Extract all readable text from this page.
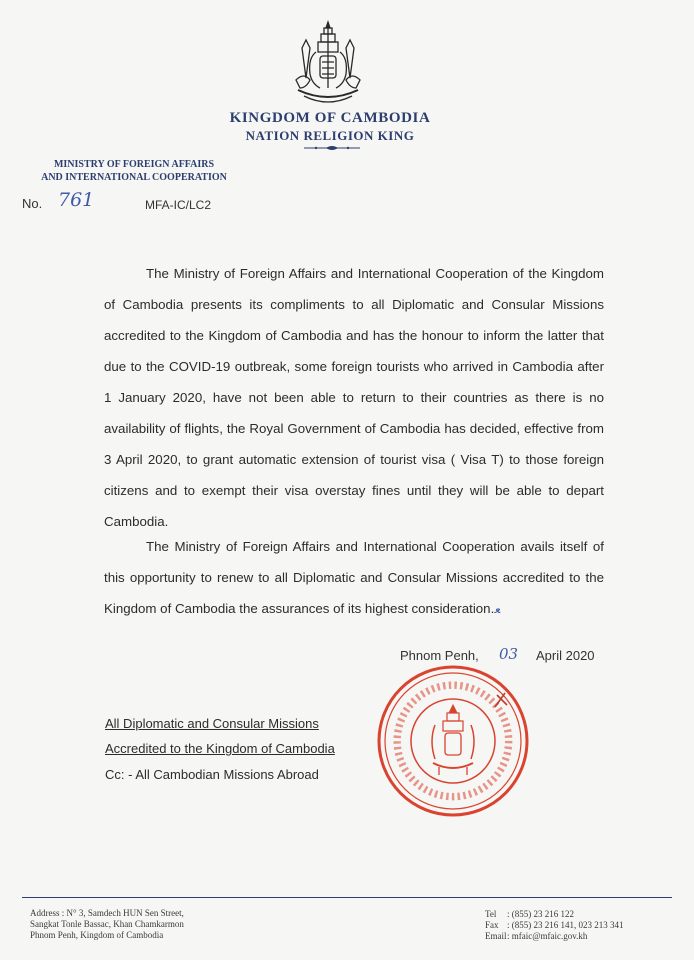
KINGDOM OF CAMBODIA
NATION RELIGION KING
MINISTRY OF FOREIGN AFFAIRS
AND INTERNATIONAL COOPERATION
No. 761	MFA-IC/LC2

The Ministry of Foreign Affairs and International Cooperation of the Kingdom of Cambodia presents its compliments to all Diplomatic and Consular Missions accredited to the Kingdom of Cambodia and has the honour to inform the latter that due to the COVID-19 outbreak, some foreign tourists who arrived in Cambodia after 1 January 2020, have not been able to return to their countries as there is no availability of flights, the Royal Government of Cambodia has decided, effective from 3 April 2020, to grant automatic extension of tourist visa ( Visa T) to those foreign citizens and to exempt their visa overstay fines until they will be able to depart Cambodia.

The Ministry of Foreign Affairs and International Cooperation avails itself of this opportunity to renew to all Diplomatic and Consular Missions accredited to the Kingdom of Cambodia the assurances of its highest consideration.ﻌ

Phnom Penh, 03 April 2020
All Diplomatic and Consular Missions
Accredited to the Kingdom of Cambodia
Cc: - All Cambodian Missions Abroad
Address : N° 3, Samdech HUN Sen Street,
Sangkat Tonle Bassac, Khan Chamkarmon
Phnom Penh, Kingdom of Cambodia
Tel	: (855) 23 216 122
Fax : (855) 23 216 141, 023 213 341
Email : mfaic@mfaic.gov.kh
